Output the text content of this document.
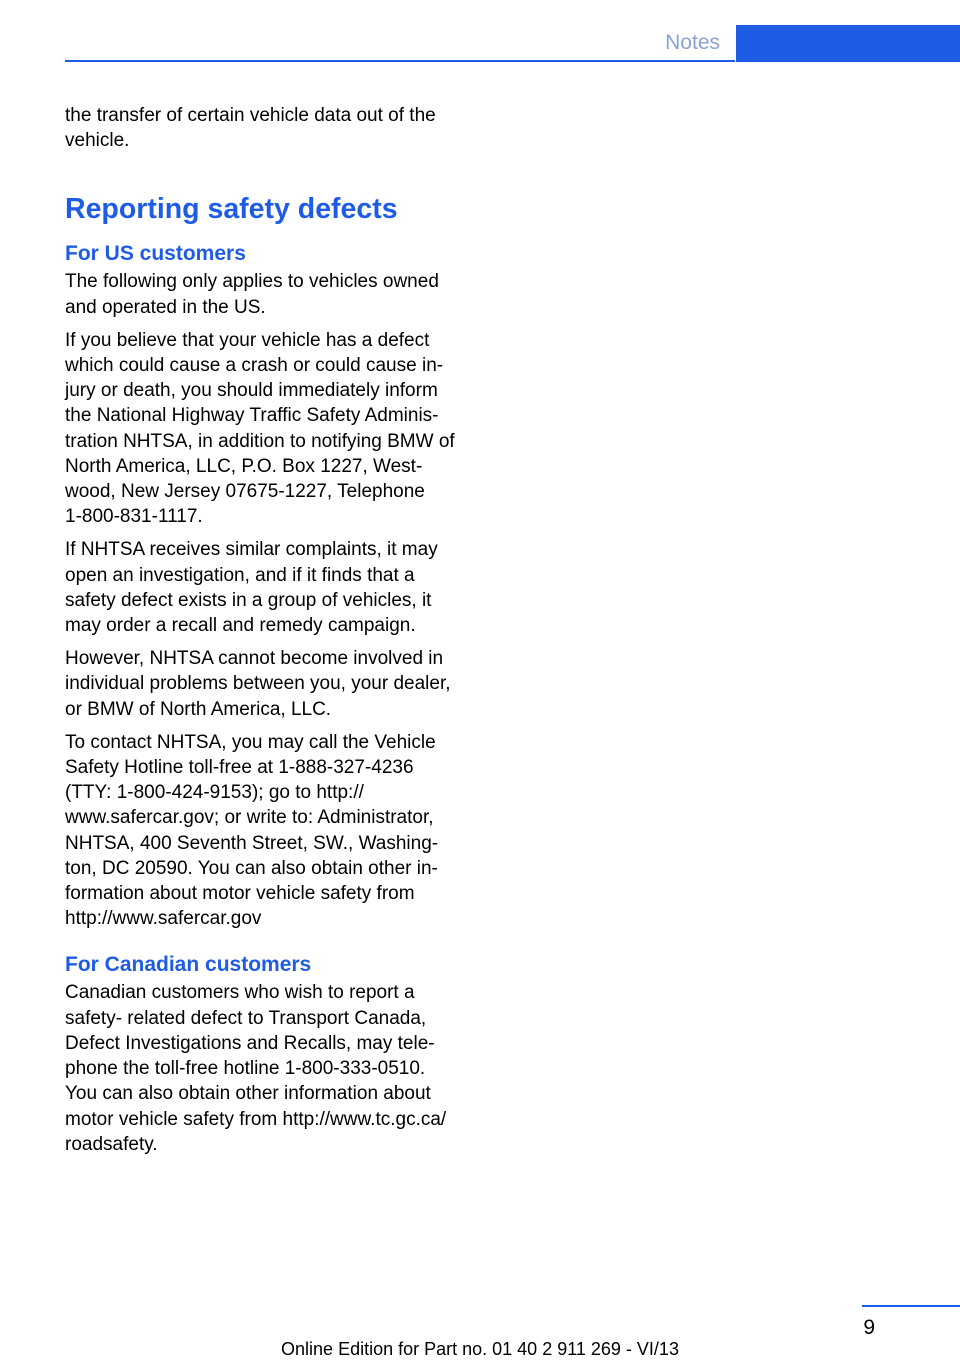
Notes

the transfer of certain vehicle data out of the
vehicle.

Reporting safety defects
For US customers

The following only applies to vehicles owned
and operated in the US.

If you believe that your vehicle has a defect
which could cause a crash or could cause in‐
jury or death, you should immediately inform
the National Highway Traffic Safety Adminis‐
tration NHTSA, in addition to notifying BMW of
North America, LLC, P.O. Box 1227, West‐
wood, New Jersey 07675-1227, Telephone
1-800-831-1117.

If NHTSA receives similar complaints, it may
open an investigation, and if it finds that a
safety defect exists in a group of vehicles, it
may order a recall and remedy campaign.

However, NHTSA cannot become involved in
individual problems between you, your dealer,
or BMW of North America, LLC.

To contact NHTSA, you may call the Vehicle
Safety Hotline toll-free at 1-888-327-4236
(TTY: 1-800-424-9153); go to http://
www.safercar.gov; or write to: Administrator,
NHTSA, 400 Seventh Street, SW., Washing‐
ton, DC 20590. You can also obtain other in‐
formation about motor vehicle safety from
http://www.safercar.gov

For Canadian customers

Canadian customers who wish to report a
safety- related defect to Transport Canada,
Defect Investigations and Recalls, may tele‐
phone the toll-free hotline 1-800-333-0510.
You can also obtain other information about
motor vehicle safety from http://www.tc.gc.ca/
roadsafety.

9
Online Edition for Part no. 01 40 2 911 269 - VI/13
